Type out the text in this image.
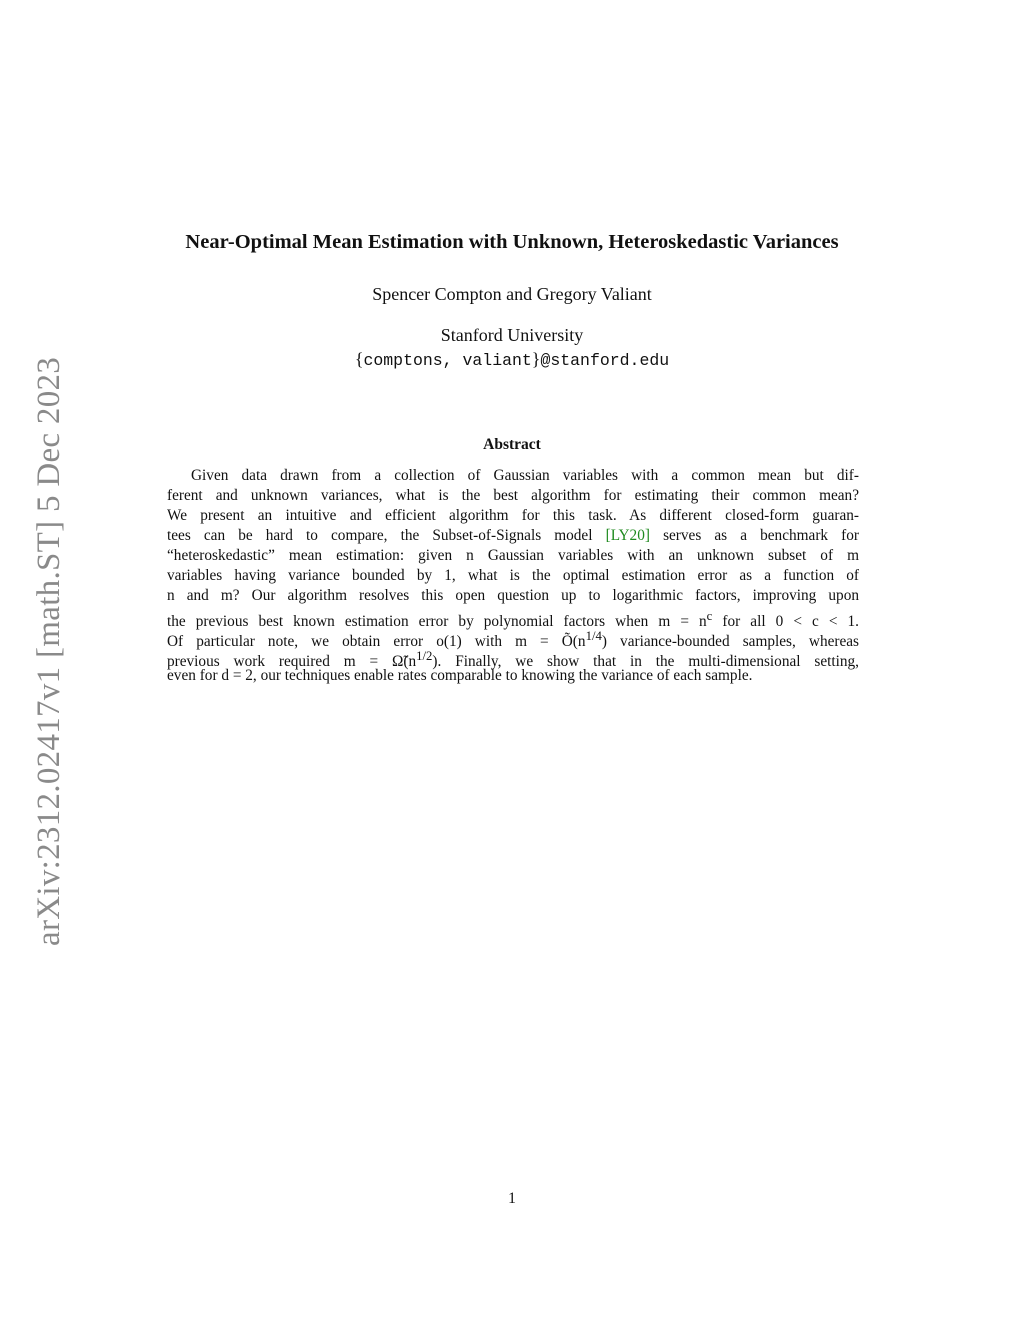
arXiv:2312.02417v1 [math.ST] 5 Dec 2023
Near-Optimal Mean Estimation with Unknown, Heteroskedastic Variances
Spencer Compton and Gregory Valiant
Stanford University
{comptons, valiant}@stanford.edu
Abstract
Given data drawn from a collection of Gaussian variables with a common mean but dif-
ferent and unknown variances, what is the best algorithm for estimating their common mean?
We present an intuitive and efficient algorithm for this task. As different closed-form guaran-
tees can be hard to compare, the Subset-of-Signals model [LY20] serves as a benchmark for
“heteroskedastic” mean estimation: given n Gaussian variables with an unknown subset of m
variables having variance bounded by 1, what is the optimal estimation error as a function of
n and m? Our algorithm resolves this open question up to logarithmic factors, improving upon
the previous best known estimation error by polynomial factors when $m = n^c$ for all 0 < c < 1.
Of particular note, we obtain error o(1) with $m = Õ(n^{1/4})$ variance-bounded samples, whereas
previous work required $m = \Omegã(n^{1/2})$. Finally, we show that in the multi-dimensional setting,
even for d = 2, our techniques enable rates comparable to knowing the variance of each sample.
1
